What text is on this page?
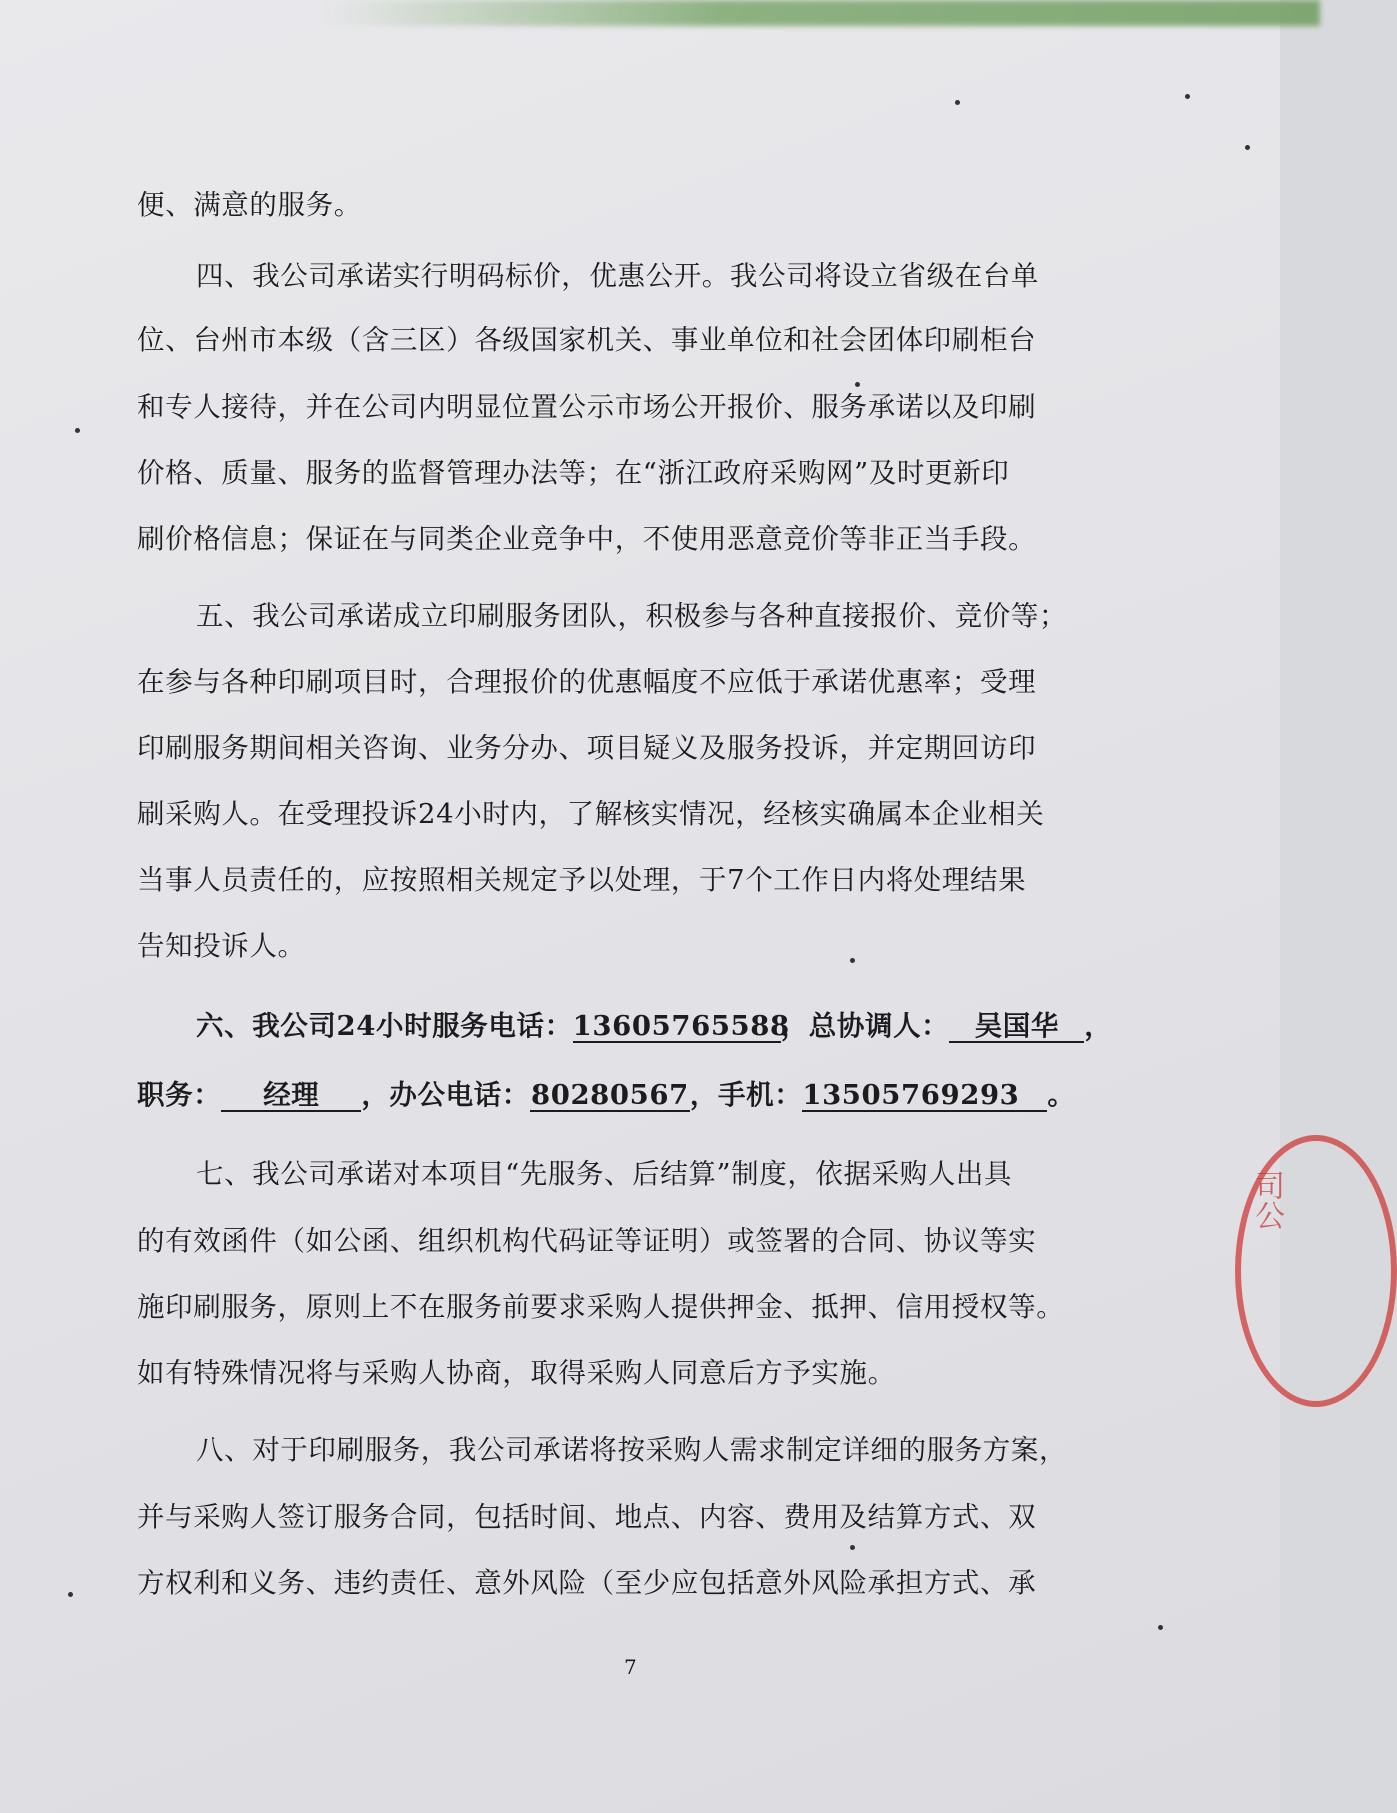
便、满意的服务。
四、我公司承诺实行明码标价，优惠公开。我公司将设立省级在台单
位、台州市本级（含三区）各级国家机关、事业单位和社会团体印刷柜台
和专人接待，并在公司内明显位置公示市场公开报价、服务承诺以及印刷
价格、质量、服务的监督管理办法等；在“浙江政府采购网”及时更新印
刷价格信息；保证在与同类企业竞争中，不使用恶意竞价等非正当手段。
五、我公司承诺成立印刷服务团队，积极参与各种直接报价、竞价等；
在参与各种印刷项目时，合理报价的优惠幅度不应低于承诺优惠率；受理
印刷服务期间相关咨询、业务分办、项目疑义及服务投诉，并定期回访印
刷采购人。在受理投诉24小时内，了解核实情况，经核实确属本企业相关
当事人员责任的，应按照相关规定予以处理，于7个工作日内将处理结果
告知投诉人。
六、我公司24小时服务电话：13605765588，总协调人： 吴国华 ，
职务： 经理 ，办公电话：80280567，手机：13505769293 。
七、我公司承诺对本项目“先服务、后结算”制度，依据采购人出具
的有效函件（如公函、组织机构代码证等证明）或签署的合同、协议等实
施印刷服务，原则上不在服务前要求采购人提供押金、抵押、信用授权等。
如有特殊情况将与采购人协商，取得采购人同意后方予实施。
八、对于印刷服务，我公司承诺将按采购人需求制定详细的服务方案，
并与采购人签订服务合同，包括时间、地点、内容、费用及结算方式、双
方权利和义务、违约责任、意外风险（至少应包括意外风险承担方式、承
7
司公
